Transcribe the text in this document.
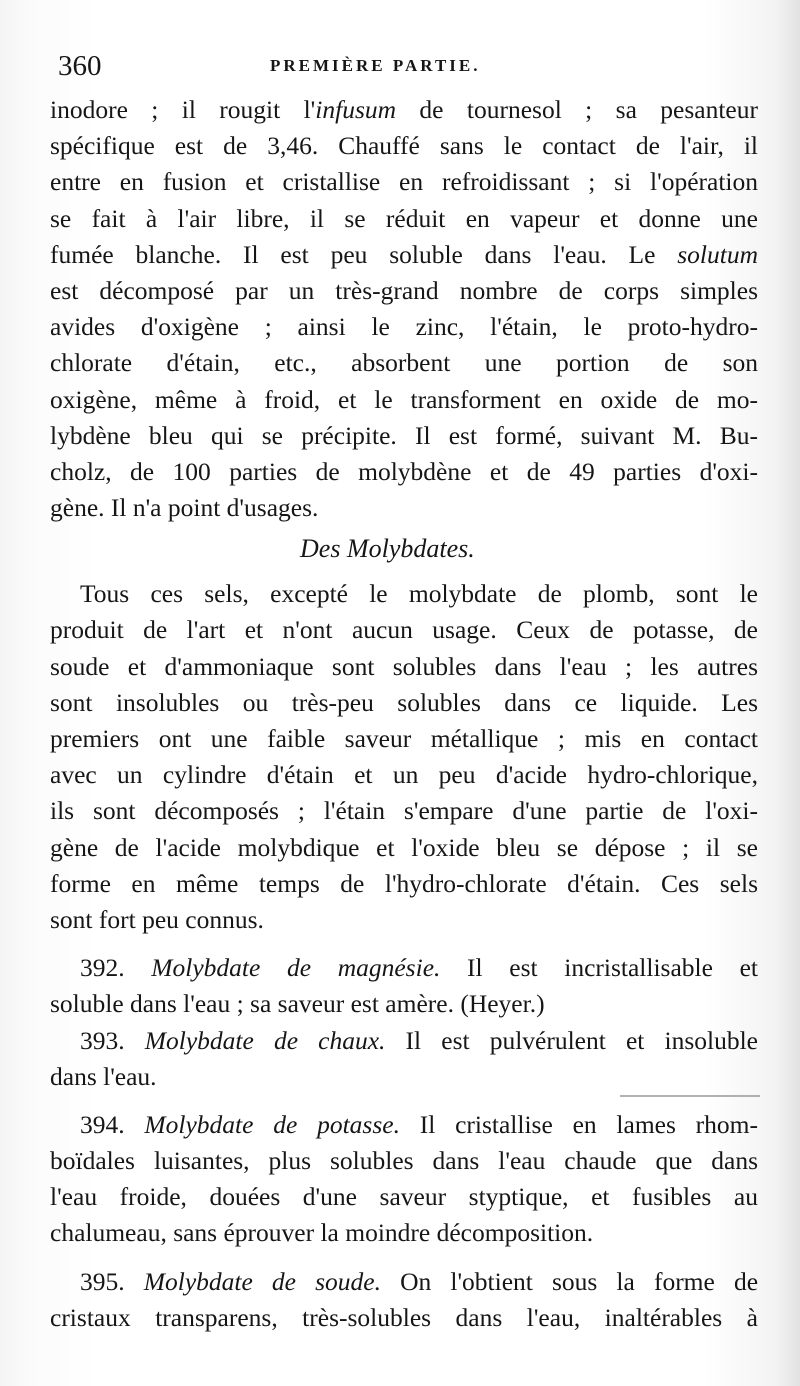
360	PREMIÈRE PARTIE.
inodore ; il rougit l'infusum de tournesol ; sa pesanteur
spécifique est de 3,46. Chauffé sans le contact de l'air, il
entre en fusion et cristallise en refroidissant ; si l'opération
se fait à l'air libre, il se réduit en vapeur et donne une
fumée blanche. Il est peu soluble dans l'eau. Le solutum
est décomposé par un très-grand nombre de corps simples
avides d'oxigène ; ainsi le zinc, l'étain, le proto-hydro-
chlorate d'étain, etc., absorbent une portion de son
oxigène, même à froid, et le transforment en oxide de mo-
lybdène bleu qui se précipite. Il est formé, suivant M. Bu-
cholz, de 100 parties de molybdène et de 49 parties d'oxi-
gène. Il n'a point d'usages.
Des Molybdates.
Tous ces sels, excepté le molybdate de plomb, sont le
produit de l'art et n'ont aucun usage. Ceux de potasse, de
soude et d'ammoniaque sont solubles dans l'eau ; les autres
sont insolubles ou très-peu solubles dans ce liquide. Les
premiers ont une faible saveur métallique ; mis en contact
avec un cylindre d'étain et un peu d'acide hydro-chlorique,
ils sont décomposés ; l'étain s'empare d'une partie de l'oxi-
gène de l'acide molybdique et l'oxide bleu se dépose ; il se
forme en même temps de l'hydro-chlorate d'étain. Ces sels
sont fort peu connus.
392. Molybdate de magnésie. Il est incristallisable et
soluble dans l'eau ; sa saveur est amère. (Heyer.)
393. Molybdate de chaux. Il est pulvérulent et insoluble
dans l'eau.
394. Molybdate de potasse. Il cristallise en lames rhom-
boïdales luisantes, plus solubles dans l'eau chaude que dans
l'eau froide, douées d'une saveur styptique, et fusibles au
chalumeau, sans éprouver la moindre décomposition.
395. Molybdate de soude. On l'obtient sous la forme de
cristaux transparens, très-solubles dans l'eau, inaltérables à
